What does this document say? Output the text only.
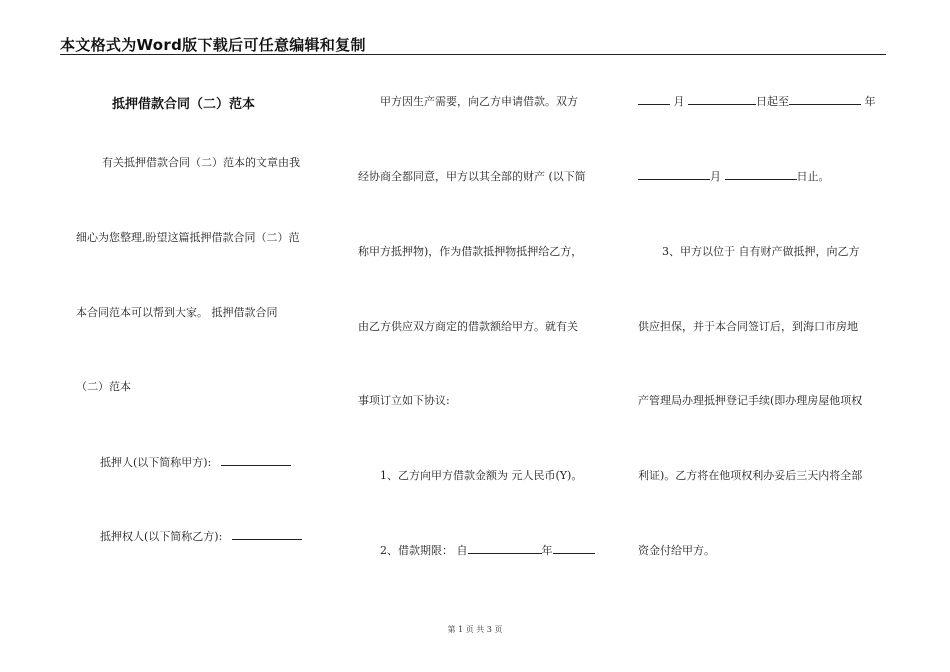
本文格式为Word版下载后可任意编辑和复制
抵押借款合同（二）范本
有关抵押借款合同（二）范本的文章由我
细心为您整理,盼望这篇抵押借款合同（二）范
本合同范本可以帮到大家。 抵押借款合同
（二）范本
抵押人(以下简称甲方):
抵押权人(以下简称乙方):
甲方因生产需要，向乙方申请借款。双方
经协商全都同意，甲方以其全部的财产 (以下简
称甲方抵押物)，作为借款抵押物抵押给乙方，
由乙方供应双方商定的借款额给甲方。就有关
事项订立如下协议:
1、乙方向甲方借款金额为 元人民币(Y)。
2、借款期限： 自	年
月	日起至	年
月	日止。
3、甲方以位于 自有财产做抵押，向乙方
供应担保，并于本合同签订后，到海口市房地
产管理局办理抵押登记手续(即办理房屋他项权
利证)。乙方将在他项权利办妥后三天内将全部
资金付给甲方。
第 1 页 共 3 页
